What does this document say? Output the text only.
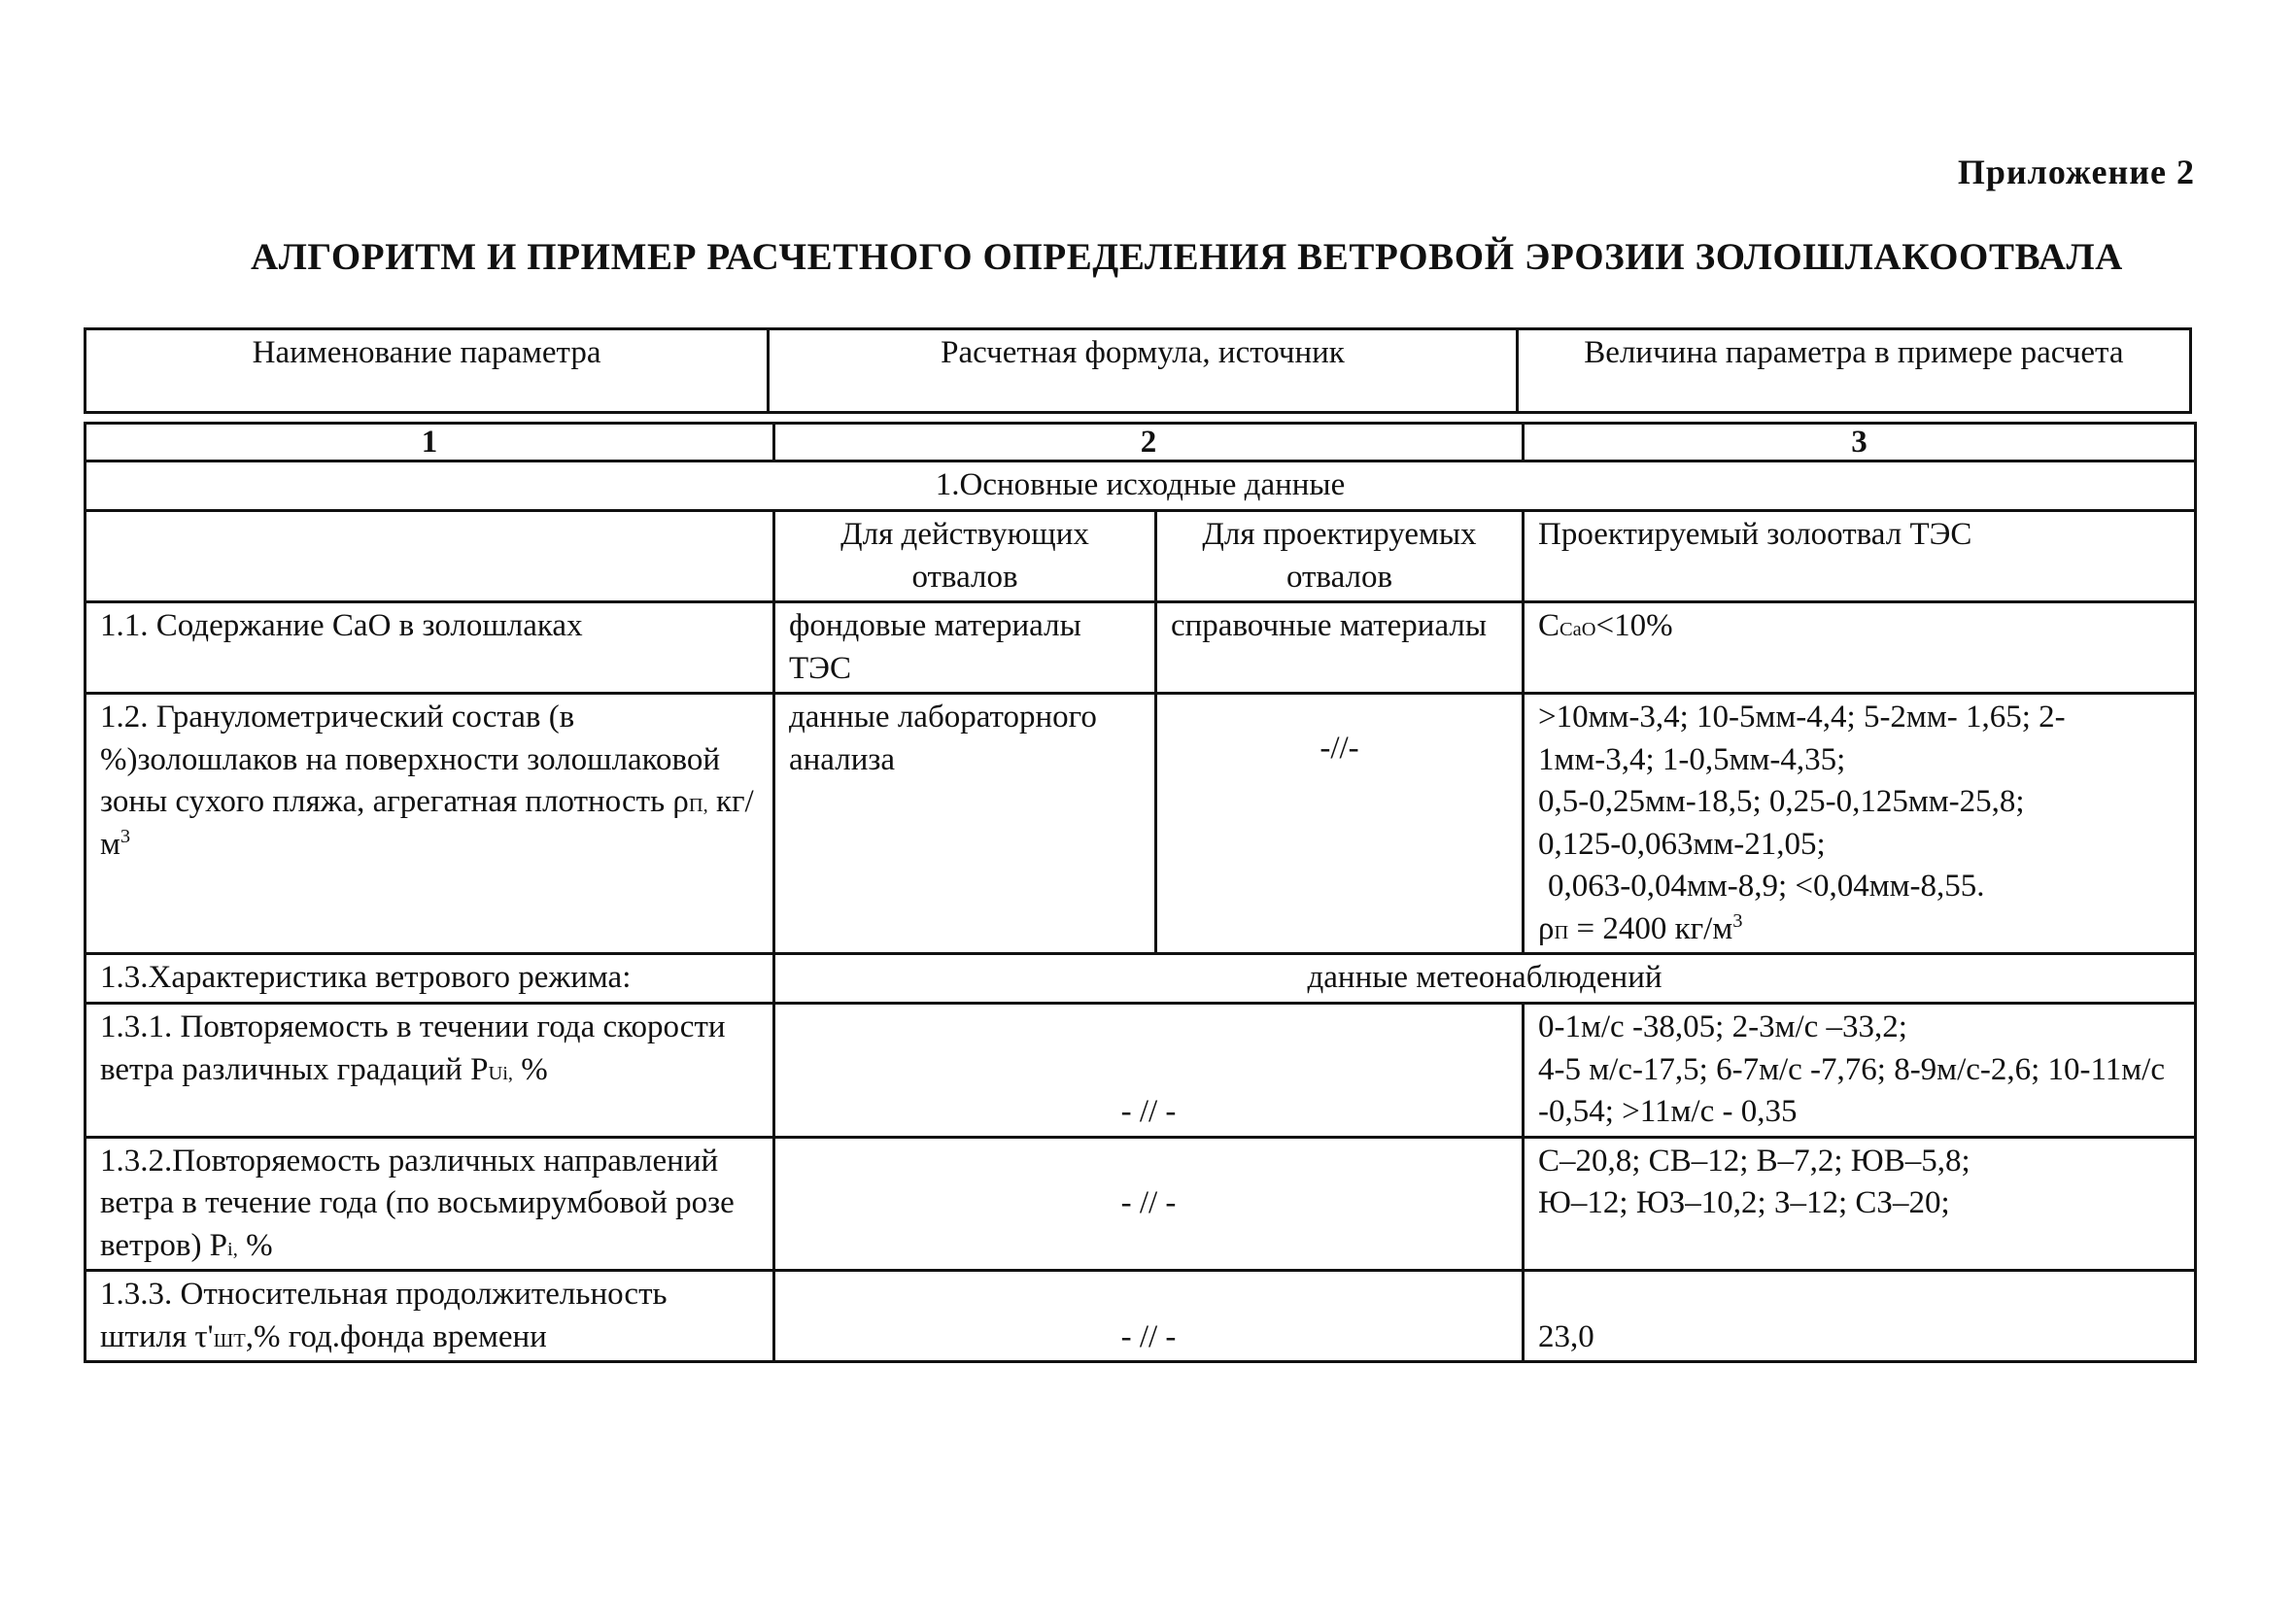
Приложение 2
АЛГОРИТМ И ПРИМЕР РАСЧЕТНОГО ОПРЕДЕЛЕНИЯ ВЕТРОВОЙ ЭРОЗИИ ЗОЛОШЛАКООТВАЛА
Наименование параметра	Расчетная формула, источник	Величина параметра в примере расчета
1	2		3
1.Основные исходные данные			
	Для действующих отвалов	Для проектируемых отвалов	Проектируемый золоотвал ТЭС
1.1. Содержание CaO в золошлаках	фондовые материалы ТЭС	справочные материалы	CCaO<10%
1.2. Гранулометрический состав (в %)золошлаков на поверхности золошлаковой зоны сухого пляжа, агрегатная плотность ρП, $кг/м^3$	данные лабораторного анализа	-//-	>10мм-3,4; 10-5мм-4,4; 5-2мм- 1,65; 2-1мм-3,4; 1-0,5мм-4,35;
0,5-0,25мм-18,5; 0,25-0,125мм-25,8;
0,125-0,063мм-21,05;
0,063-0,04мм-8,9; <0,04мм-8,55.
ρП = 2400 $кг/м^3$

1.3.Характеристика ветрового режима:	данные метеонаблюдений		
1.3.1. Повторяемость в течении года скорости ветра различных градаций PUi, %	- // -		0-1м/с -38,05; 2-3м/с –33,2;
4-5 м/с-17,5; 6-7м/с -7,76; 8-9м/с-2,6; 10-11м/с -0,54; >11м/с - 0,35

1.3.2.Повторяемость различных направлений ветра в течение года (по восьмирумбовой розе ветров) Pi, %	- // -		С–20,8; СВ–12; В–7,2; ЮВ–5,8;
Ю–12; ЮЗ–10,2; З–12; СЗ–20;

1.3.3. Относительная продолжительность штиля τ'ШТ,% год.фонда времени	- // -		23,0
